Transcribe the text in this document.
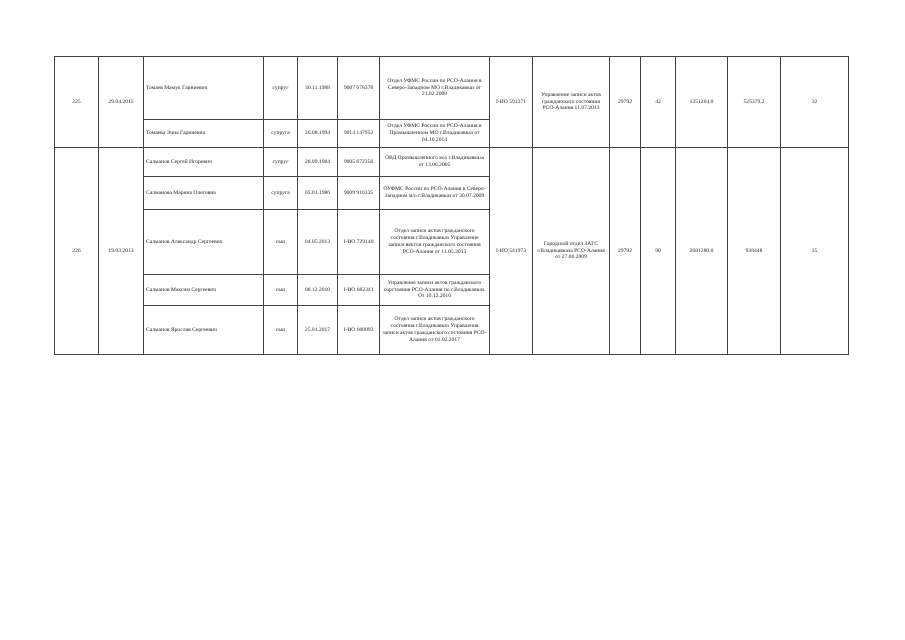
225	29.04.2015	Томаев Мамук Гарниевич	супруг	30.11.1988	9007 678378	Отдел УФМС России по РСО-Алания в Северо-Западном МО г.Владикавказ от 21.02.2008	I-ИО 591271	Управление записи актов гражданского состояния РСО-Алания 11.07.2013	29792	42	1251264,0	525379,2	32
		Томаева Эчиа Гарниевна	супруга	26.08.1994	9014 147952	Отдел УФМС России по РСО-Алания в Промышленном МО г.Владикавказ от 04.10.2014							
226	19.03.2013	Салманов Сергей Игоревич	супруг	28.09.1984	9005 672356	ОВД Промышленного м/о г.Владикавказа от 13.06.2005	I-ИО 541973	Городской отдел ЗАГС г.Владикавказа РСО-Алания от 27.06.2009	29792	90	2681280,0	938448	35
		Салманова Марина Олеговна	супруга	05.01.1986	9009 916335	ОУФМС России по РСО-Алания в Северо-Западном м/о г.Владикавказ от 30.07.2009							
		Салманов Александр Сергеевич	сын	04.05.2013	I-ИО 729140	Отдел записи актов гражданского состояния г.Владикавказ Управление записи вектов гражданского состояния РСО-Алания от 11.05.2013							
		Салманов Максим Сергеевич	сын	08.12.2010	I-ИО 682341	Управление записи актов гражданского сорстояния РСО-Алания по г.Владикавказ. От 10.12.2010							
		Салманов Ярослав Сергеевич	сын	25.01.2017	I-ИО 600093	Отдел записи актов гражданского состояния г.Владикавказ Управления записи актов гражданского состояния РСО-Алания от 01.02.2017							
